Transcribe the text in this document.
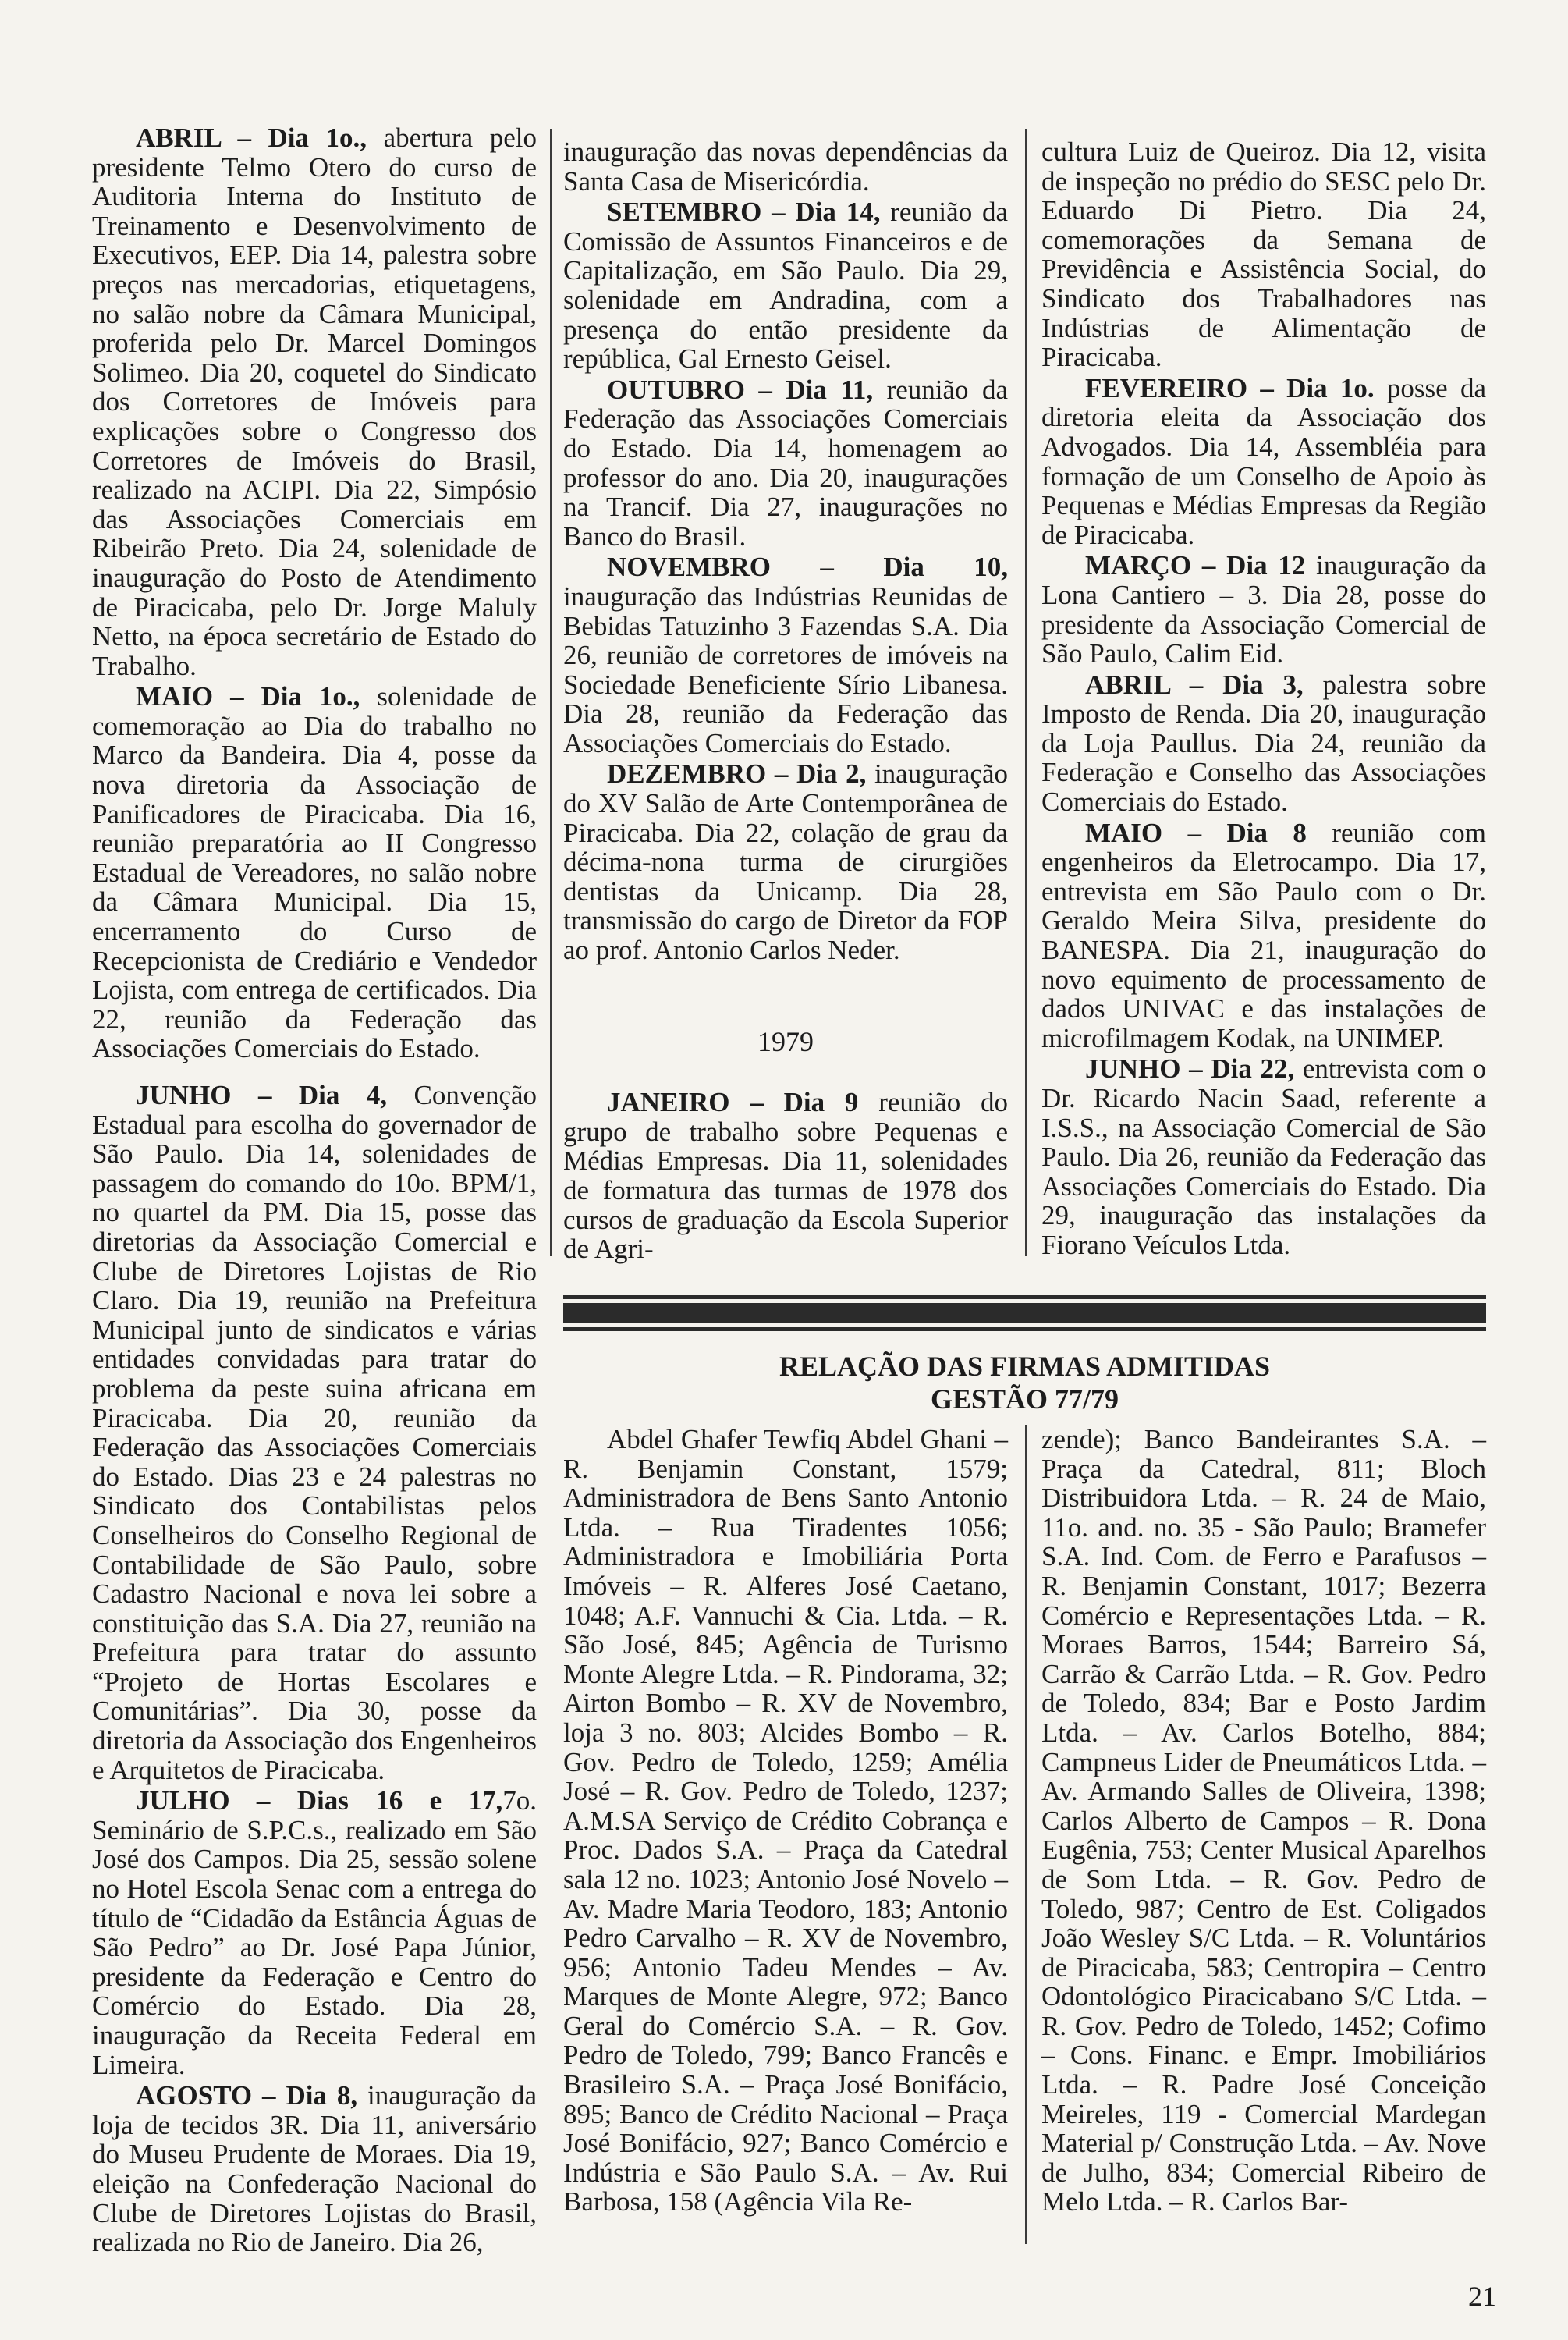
ABRIL – Dia 1o., abertura pelo presidente Telmo Otero do curso de Auditoria Interna do Instituto de Treinamento e Desenvolvimento de Executivos, EEP. Dia 14, palestra sobre preços nas mercadorias, etiquetagens, no salão nobre da Câmara Municipal, proferida pelo Dr. Marcel Domingos Solimeo. Dia 20, coquetel do Sindicato dos Corretores de Imóveis para explicações sobre o Congresso dos Corretores de Imóveis do Brasil, realizado na ACIPI. Dia 22, Simpósio das Associações Comerciais em Ribeirão Preto. Dia 24, solenidade de inauguração do Posto de Atendimento de Piracicaba, pelo Dr. Jorge Maluly Netto, na época secretário de Estado do Trabalho.

MAIO – Dia 1o., solenidade de comemoração ao Dia do trabalho no Marco da Bandeira. Dia 4, posse da nova diretoria da Associação de Panificadores de Piracicaba. Dia 16, reunião preparatória ao II Congresso Estadual de Vereadores, no salão nobre da Câmara Municipal. Dia 15, encerramento do Curso de Recepcionista de Crediário e Vendedor Lojista, com entrega de certificados. Dia 22, reunião da Federação das Associações Comerciais do Estado.

JUNHO – Dia 4, Convenção Estadual para escolha do governador de São Paulo. Dia 14, solenidades de passagem do comando do 10o. BPM/1, no quartel da PM. Dia 15, posse das diretorias da Associação Comercial e Clube de Diretores Lojistas de Rio Claro. Dia 19, reunião na Prefeitura Municipal junto de sindicatos e várias entidades convidadas para tratar do problema da peste suina africana em Piracicaba. Dia 20, reunião da Federação das Associações Comerciais do Estado. Dias 23 e 24 palestras no Sindicato dos Contabilistas pelos Conselheiros do Conselho Regional de Contabilidade de São Paulo, sobre Cadastro Nacional e nova lei sobre a constituição das S.A. Dia 27, reunião na Prefeitura para tratar do assunto “Projeto de Hortas Escolares e Comunitárias”. Dia 30, posse da diretoria da Associação dos Engenheiros e Arquitetos de Piracicaba.

JULHO – Dias 16 e 17,7o. Seminário de S.P.C.s., realizado em São José dos Campos. Dia 25, sessão solene no Hotel Escola Senac com a entrega do título de “Cidadão da Estância Águas de São Pedro” ao Dr. José Papa Júnior, presidente da Federação e Centro do Comércio do Estado. Dia 28, inauguração da Receita Federal em Limeira.

AGOSTO – Dia 8, inauguração da loja de tecidos 3R. Dia 11, aniversário do Museu Prudente de Moraes. Dia 19, eleição na Confederação Nacional do Clube de Diretores Lojistas do Brasil, realizada no Rio de Janeiro. Dia 26,

inauguração das novas dependências da Santa Casa de Misericórdia.

SETEMBRO – Dia 14, reunião da Comissão de Assuntos Financeiros e de Capitalização, em São Paulo. Dia 29, solenidade em Andradina, com a presença do então presidente da república, Gal Ernesto Geisel.

OUTUBRO – Dia 11, reunião da Federação das Associações Comerciais do Estado. Dia 14, homenagem ao professor do ano. Dia 20, inaugurações na Trancif. Dia 27, inaugurações no Banco do Brasil.

NOVEMBRO – Dia 10, inauguração das Indústrias Reunidas de Bebidas Tatuzinho 3 Fazendas S.A. Dia 26, reunião de corretores de imóveis na Sociedade Beneficiente Sírio Libanesa. Dia 28, reunião da Federação das Associações Comerciais do Estado.

DEZEMBRO – Dia 2, inauguração do XV Salão de Arte Contemporânea de Piracicaba. Dia 22, colação de grau da décima-nona turma de cirurgiões dentistas da Unicamp. Dia 28, transmissão do cargo de Diretor da FOP ao prof. Antonio Carlos Neder.

1979

JANEIRO – Dia 9 reunião do grupo de trabalho sobre Pequenas e Médias Empresas. Dia 11, solenidades de formatura das turmas de 1978 dos cursos de graduação da Escola Superior de Agri-

cultura Luiz de Queiroz. Dia 12, visita de inspeção no prédio do SESC pelo Dr. Eduardo Di Pietro. Dia 24, comemorações da Semana de Previdência e Assistência Social, do Sindicato dos Trabalhadores nas Indústrias de Alimentação de Piracicaba.

FEVEREIRO – Dia 1o. posse da diretoria eleita da Associação dos Advogados. Dia 14, Assembléia para formação de um Conselho de Apoio às Pequenas e Médias Empresas da Região de Piracicaba.

MARÇO – Dia 12 inauguração da Lona Cantiero – 3. Dia 28, posse do presidente da Associação Comercial de São Paulo, Calim Eid.

ABRIL – Dia 3, palestra sobre Imposto de Renda. Dia 20, inauguração da Loja Paullus. Dia 24, reunião da Federação e Conselho das Associações Comerciais do Estado.

MAIO – Dia 8 reunião com engenheiros da Eletrocampo. Dia 17, entrevista em São Paulo com o Dr. Geraldo Meira Silva, presidente do BANESPA. Dia 21, inauguração do novo equimento de processamento de dados UNIVAC e das instalações de microfilmagem Kodak, na UNIMEP.

JUNHO – Dia 22, entrevista com o Dr. Ricardo Nacin Saad, referente a I.S.S., na Associação Comercial de São Paulo. Dia 26, reunião da Federação das Associações Comerciais do Estado. Dia 29, inauguração das instalações da Fiorano Veículos Ltda.

RELAÇÃO DAS FIRMAS ADMITIDAS
GESTÃO 77/79

Abdel Ghafer Tewfiq Abdel Ghani – R. Benjamin Constant, 1579; Administradora de Bens Santo Antonio Ltda. – Rua Tiradentes 1056; Administradora e Imobiliária Porta Imóveis – R. Alferes José Caetano, 1048; A.F. Vannuchi & Cia. Ltda. – R. São José, 845; Agência de Turismo Monte Alegre Ltda. – R. Pindorama, 32; Airton Bombo – R. XV de Novembro, loja 3 no. 803; Alcides Bombo – R. Gov. Pedro de Toledo, 1259; Amélia José – R. Gov. Pedro de Toledo, 1237; A.M.SA Serviço de Crédito Cobrança e Proc. Dados S.A. – Praça da Catedral sala 12 no. 1023; Antonio José Novelo – Av. Madre Maria Teodoro, 183; Antonio Pedro Carvalho – R. XV de Novembro, 956; Antonio Tadeu Mendes – Av. Marques de Monte Alegre, 972; Banco Geral do Comércio S.A. – R. Gov. Pedro de Toledo, 799; Banco Francês e Brasileiro S.A. – Praça José Bonifácio, 895; Banco de Crédito Nacional – Praça José Bonifácio, 927; Banco Comércio e Indústria e São Paulo S.A. – Av. Rui Barbosa, 158 (Agência Vila Re-

zende); Banco Bandeirantes S.A. – Praça da Catedral, 811; Bloch Distribuidora Ltda. – R. 24 de Maio, 11o. and. no. 35 - São Paulo; Bramefer S.A. Ind. Com. de Ferro e Parafusos – R. Benjamin Constant, 1017; Bezerra Comércio e Representações Ltda. – R. Moraes Barros, 1544; Barreiro Sá, Carrão & Carrão Ltda. – R. Gov. Pedro de Toledo, 834; Bar e Posto Jardim Ltda. – Av. Carlos Botelho, 884; Campneus Lider de Pneumáticos Ltda. – Av. Armando Salles de Oliveira, 1398; Carlos Alberto de Campos – R. Dona Eugênia, 753; Center Musical Aparelhos de Som Ltda. – R. Gov. Pedro de Toledo, 987; Centro de Est. Coligados João Wesley S/C Ltda. – R. Voluntários de Piracicaba, 583; Centropira – Centro Odontológico Piracicabano S/C Ltda. – R. Gov. Pedro de Toledo, 1452; Cofimo – Cons. Financ. e Empr. Imobiliários Ltda. – R. Padre José Conceição Meireles, 119 - Comercial Mardegan Material p/ Construção Ltda. – Av. Nove de Julho, 834; Comercial Ribeiro de Melo Ltda. – R. Carlos Bar-

21
